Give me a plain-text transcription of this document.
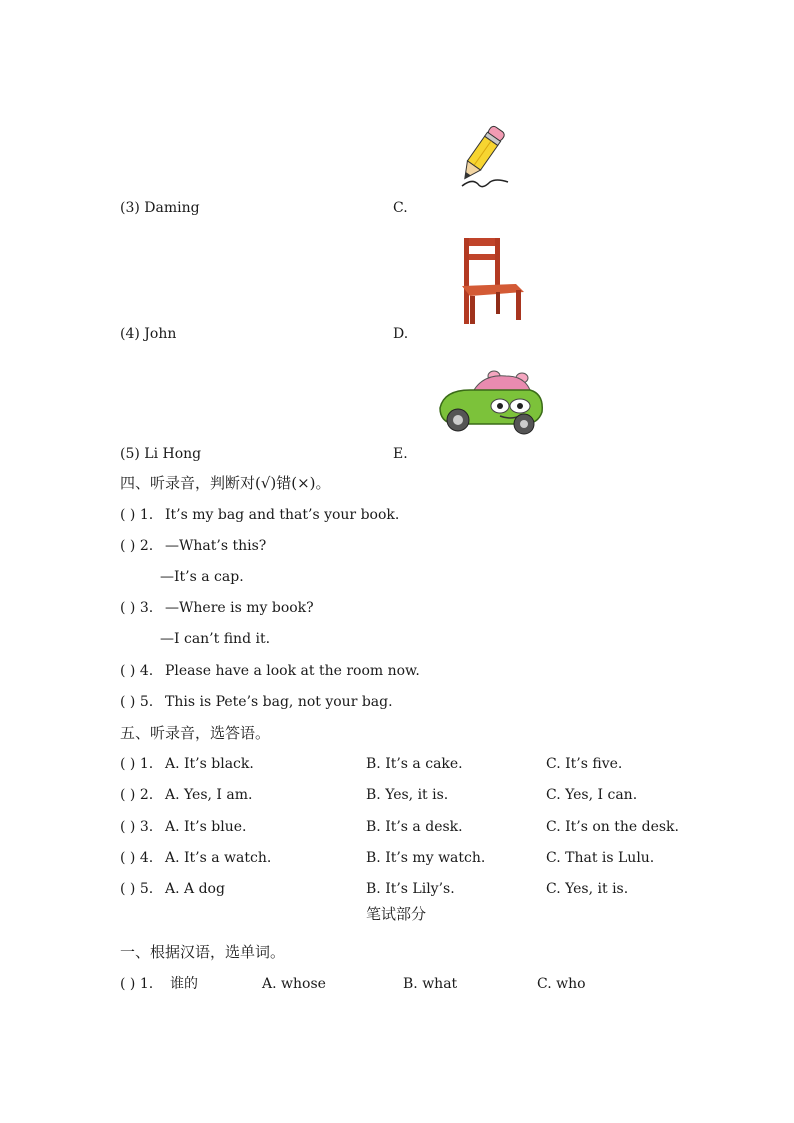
(3) Daming	C.
(4) John	D.
(5) Li Hong	E.
四、听录音，判断对(√)错(×)。
( ) 1. It’s my bag and that’s your book.
( ) 2. —What’s this?
—It’s a cap.
( ) 3. —Where is my book?
—I can’t find it.
( ) 4. Please have a look at the room now.
( ) 5. This is Pete’s bag, not your bag.
五、听录音，选答语。
( ) 1. A. It’s black.	B. It’s a cake.	C. It’s five.
( ) 2. A. Yes, I am.	B. Yes, it is.	C. Yes, I can.
( ) 3. A. It’s blue.	B. It’s a desk.	C. It’s on the desk.
( ) 4. A. It’s a watch.	B. It’s my watch.	C. That is Lulu.
( ) 5. A. A dog	B. It’s Lily’s.	C. Yes, it is.
笔试部分
一、根据汉语，选单词。
( ) 1. 谁的	A. whose	B. what	C. who
